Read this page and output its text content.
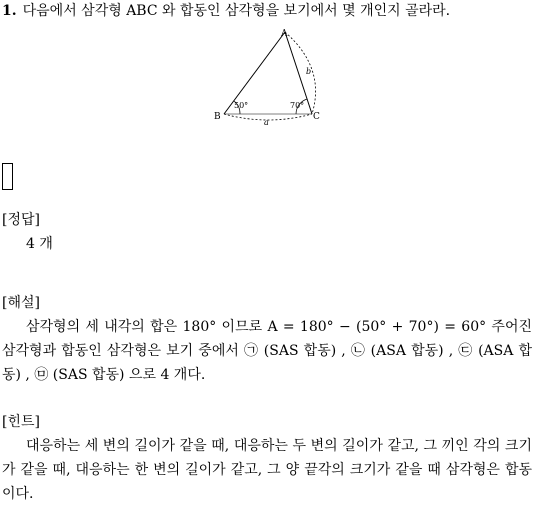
1. 다음에서 삼각형 ABC 와 합동인 삼각형을 보기에서 몇 개인지 골라라.
A
B	C
50°	70°
a
b
[정답]
4 개
[해설]
삼각형의 세 내각의 합은 180° 이므로 A = 180° − (50° + 70°) = 60° 주어진 삼각형과 합동인 삼각형은 보기 중에서 ㉠ (SAS 합동) , ㉡ (ASA 합동) , ㉢ (ASA 합동) , ㉤ (SAS 합동) 으로 4 개다.
[힌트]
대응하는 세 변의 길이가 같을 때, 대응하는 두 변의 길이가 같고, 그 끼인 각의 크기가 같을 때, 대응하는 한 변의 길이가 같고, 그 양 끝각의 크기가 같을 때 삼각형은 합동이다.
